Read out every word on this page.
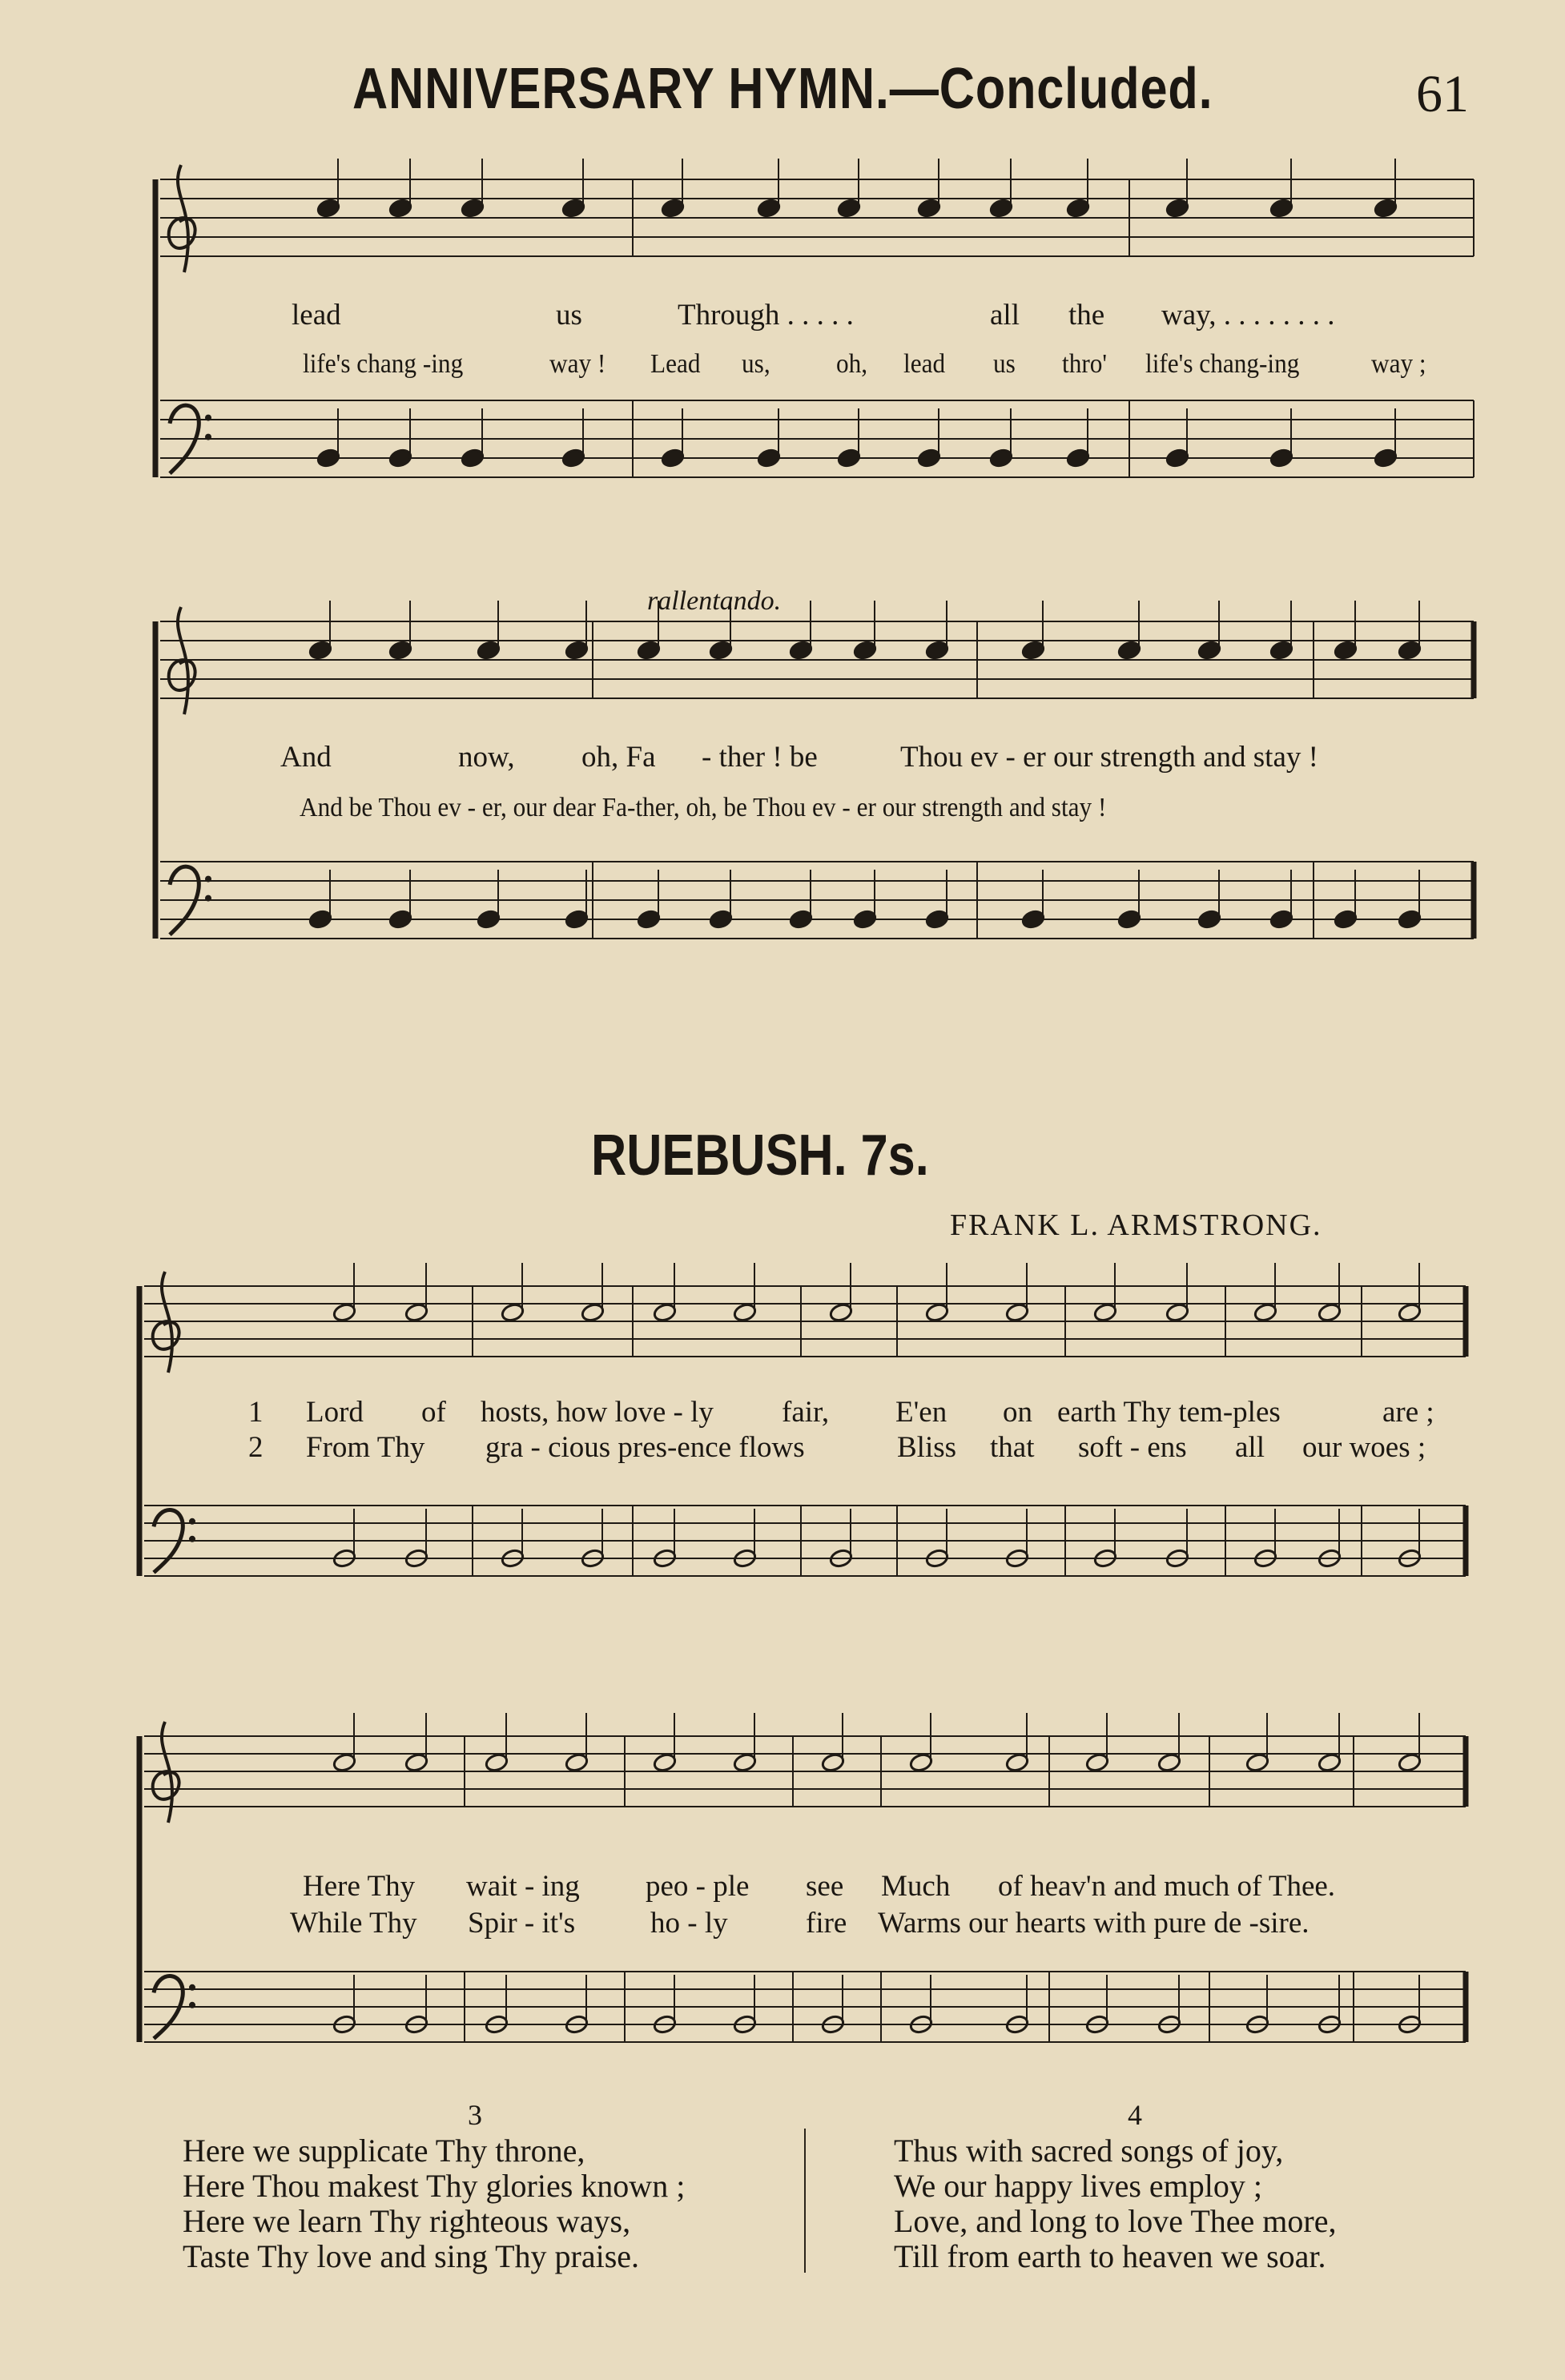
ANNIVERSARY HYMN.—Concluded.	61
lead	us	Through . . . . .	all the way, . . . . . . . .
life's chang -ing	way ! Lead us, oh, lead us thro' life's chang-ing	way ;
rallentando.
And	now, oh, Fa - ther ! be	Thou ev - er our strength and stay !
And be Thou ev - er, our dear Fa-ther, oh, be Thou ev - er our strength and stay !
RUEBUSH. 7s.
FRANK L. ARMSTRONG.
1 Lord of hosts, how love - ly fair, E'en on earth Thy tem-ples	are ;
2 From Thy gra - cious pres-ence flows	Bliss that soft - ens all our woes ;
Here Thy wait - ing peo - ple see Much of heav'n and much of Thee.
While Thy Spir - it's	ho - ly	fire Warms our hearts with pure de -sire.
3
Here we supplicate Thy throne,
Here Thou makest Thy glories known ;
Here we learn Thy righteous ways,
Taste Thy love and sing Thy praise.
4
Thus with sacred songs of joy,
We our happy lives employ ;
Love, and long to love Thee more,
Till from earth to heaven we soar.
